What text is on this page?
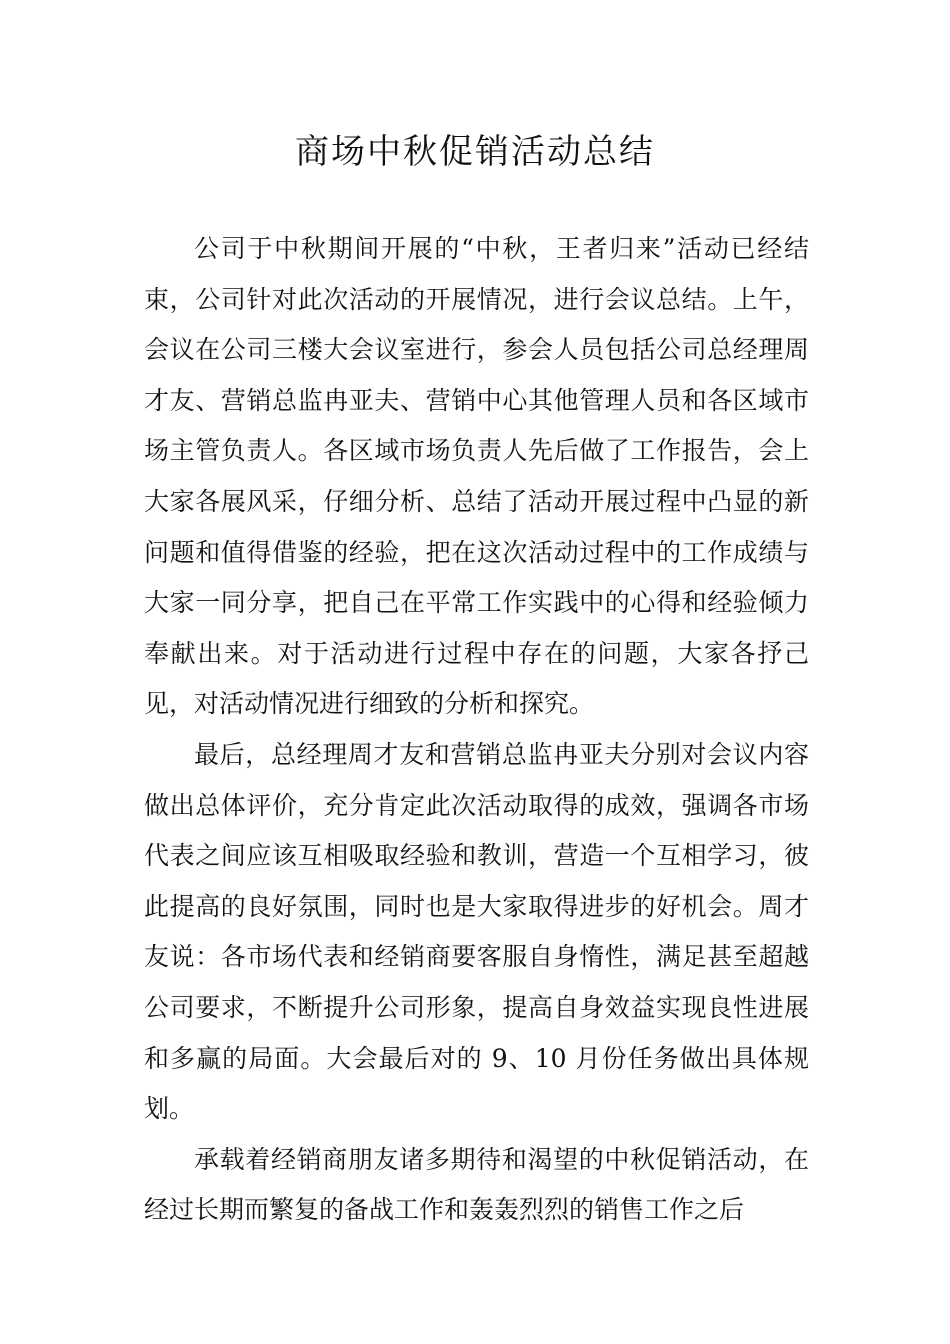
商场中秋促销活动总结

公司于中秋期间开展的“中秋，王者归来”活动已经结束，公司针对此次活动的开展情况，进行会议总结。上午，会议在公司三楼大会议室进行，参会人员包括公司总经理周才友、营销总监冉亚夫、营销中心其他管理人员和各区域市场主管负责人。各区域市场负责人先后做了工作报告，会上大家各展风采，仔细分析、总结了活动开展过程中凸显的新问题和值得借鉴的经验，把在这次活动过程中的工作成绩与大家一同分享，把自己在平常工作实践中的心得和经验倾力奉献出来。对于活动进行过程中存在的问题，大家各抒己见，对活动情况进行细致的分析和探究。

最后，总经理周才友和营销总监冉亚夫分别对会议内容做出总体评价，充分肯定此次活动取得的成效，强调各市场代表之间应该互相吸取经验和教训，营造一个互相学习，彼此提高的良好氛围，同时也是大家取得进步的好机会。周才友说：各市场代表和经销商要客服自身惰性，满足甚至超越公司要求，不断提升公司形象，提高自身效益实现良性进展和多赢的局面。大会最后对的 9、10 月份任务做出具体规划。

承载着经销商朋友诸多期待和渴望的中秋促销活动，在经过长期而繁复的备战工作和轰轰烈烈的销售工作之后
